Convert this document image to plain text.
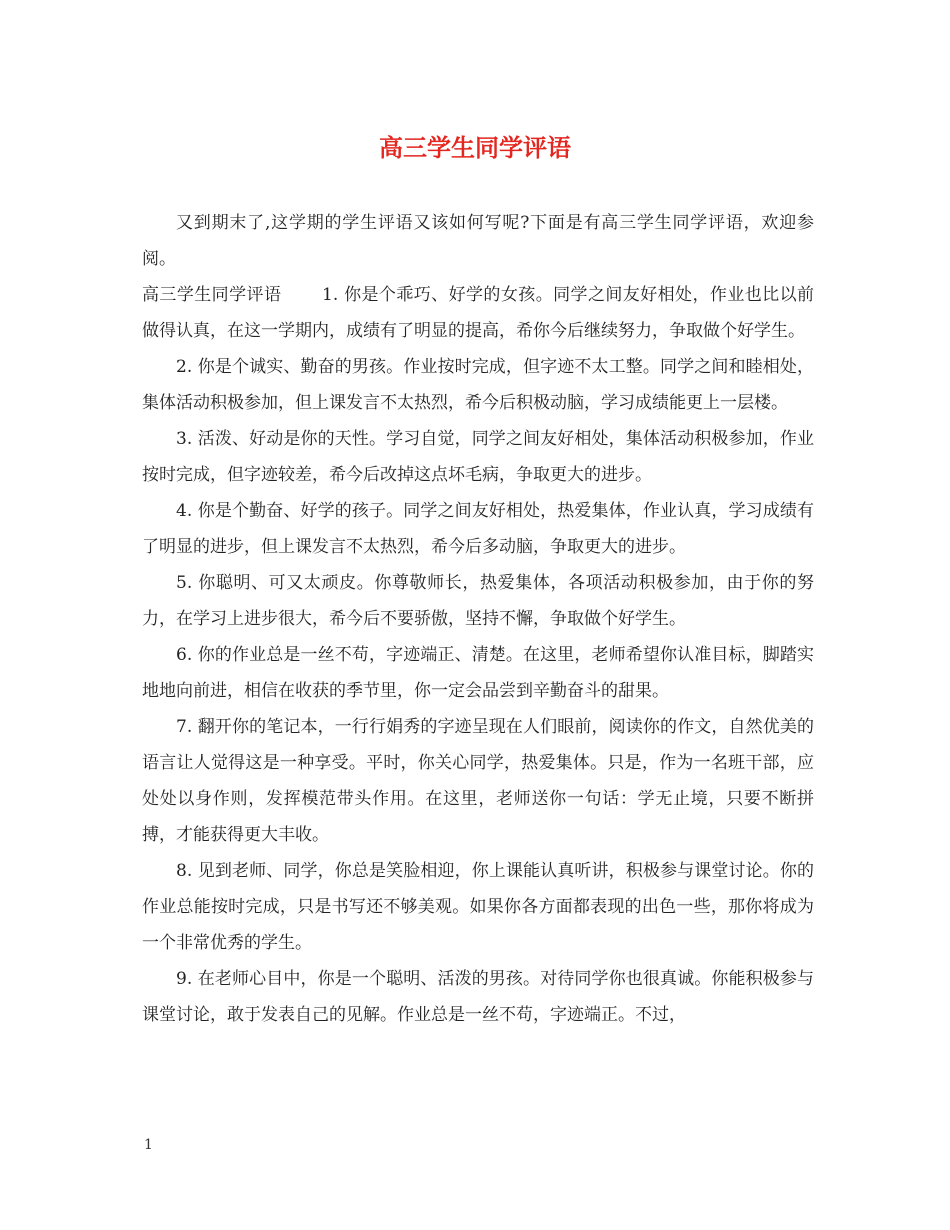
高三学生同学评语

又到期末了,这学期的学生评语又该如何写呢?下面是有高三学生同学评语，欢迎参阅。

高三学生同学评语 　　1. 你是个乖巧、好学的女孩。同学之间友好相处，作业也比以前做得认真，在这一学期内，成绩有了明显的提高，希你今后继续努力，争取做个好学生。

2. 你是个诚实、勤奋的男孩。作业按时完成，但字迹不太工整。同学之间和睦相处，集体活动积极参加，但上课发言不太热烈，希今后积极动脑，学习成绩能更上一层楼。

3. 活泼、好动是你的天性。学习自觉，同学之间友好相处，集体活动积极参加，作业按时完成，但字迹较差，希今后改掉这点坏毛病，争取更大的进步。

4. 你是个勤奋、好学的孩子。同学之间友好相处，热爱集体，作业认真，学习成绩有了明显的进步，但上课发言不太热烈，希今后多动脑，争取更大的进步。

5. 你聪明、可又太顽皮。你尊敬师长，热爱集体，各项活动积极参加，由于你的努力，在学习上进步很大，希今后不要骄傲，坚持不懈，争取做个好学生。

6. 你的作业总是一丝不苟，字迹端正、清楚。在这里，老师希望你认准目标，脚踏实地地向前进，相信在收获的季节里，你一定会品尝到辛勤奋斗的甜果。

7. 翻开你的笔记本，一行行娟秀的字迹呈现在人们眼前，阅读你的作文，自然优美的语言让人觉得这是一种享受。平时，你关心同学，热爱集体。只是，作为一名班干部，应处处以身作则，发挥模范带头作用。在这里，老师送你一句话：学无止境，只要不断拼搏，才能获得更大丰收。

8. 见到老师、同学，你总是笑脸相迎，你上课能认真听讲，积极参与课堂讨论。你的作业总能按时完成，只是书写还不够美观。如果你各方面都表现的出色一些，那你将成为一个非常优秀的学生。

9. 在老师心目中，你是一个聪明、活泼的男孩。对待同学你也很真诚。你能积极参与课堂讨论，敢于发表自己的见解。作业总是一丝不苟，字迹端正。不过，

1
